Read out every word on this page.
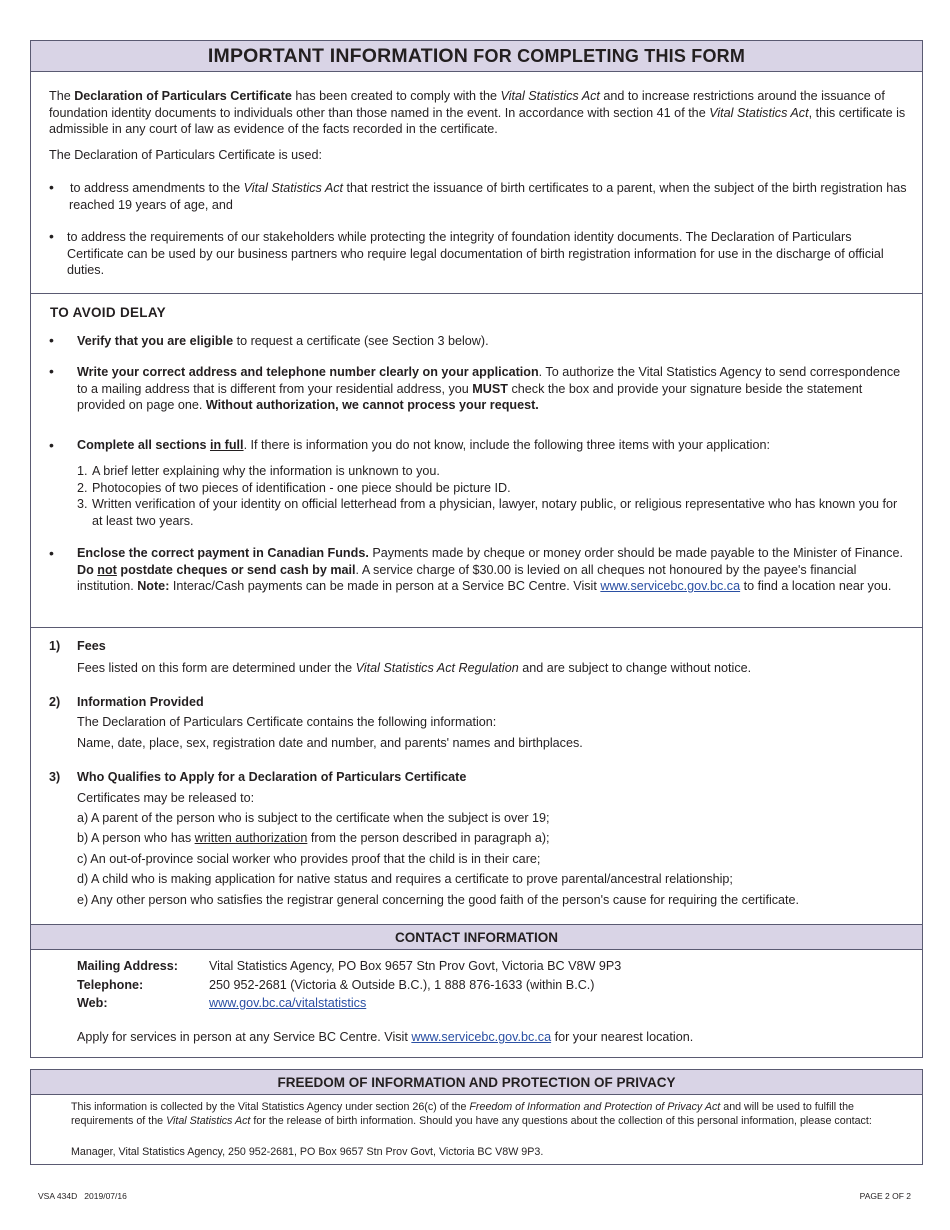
IMPORTANT INFORMATION FOR COMPLETING THIS FORM

The Declaration of Particulars Certificate has been created to comply with the Vital Statistics Act and to increase restrictions around the issuance of foundation identity documents to individuals other than those named in the event. In accordance with section 41 of the Vital Statistics Act, this certificate is admissible in any court of law as evidence of the facts recorded in the certificate.

The Declaration of Particulars Certificate is used:

• to address amendments to the Vital Statistics Act that restrict the issuance of birth certificates to a parent, when the subject of the birth registration has reached 19 years of age, and

• to address the requirements of our stakeholders while protecting the integrity of foundation identity documents. The Declaration of Particulars Certificate can be used by our business partners who require legal documentation of birth registration information for use in the discharge of official duties.

TO AVOID DELAY
• Verify that you are eligible to request a certificate (see Section 3 below).

• Write your correct address and telephone number clearly on your application. To authorize the Vital Statistics Agency to send correspondence to a mailing address that is different from your residential address, you MUST check the box and provide your signature beside the statement provided on page one. Without authorization, we cannot process your request.

• Complete all sections in full. If there is information you do not know, include the following three items with your application:

1. A brief letter explaining why the information is unknown to you.
2. Photocopies of two pieces of identification - one piece should be picture ID.
3. Written verification of your identity on official letterhead from a physician, lawyer, notary public, or religious representative who has known you for at least two years.
• Enclose the correct payment in Canadian Funds. Payments made by cheque or money order should be made payable to the Minister of Finance. Do not postdate cheques or send cash by mail. A service charge of $30.00 is levied on all cheques not honoured by the payee's financial institution. Note: Interac/Cash payments can be made in person at a Service BC Centre. Visit www.servicebc.gov.bc.ca to find a location near you.

1) Fees

Fees listed on this form are determined under the Vital Statistics Act Regulation and are subject to change without notice.

2) Information Provided

The Declaration of Particulars Certificate contains the following information:

Name, date, place, sex, registration date and number, and parents' names and birthplaces.

3) Who Qualifies to Apply for a Declaration of Particulars Certificate

Certificates may be released to:

a) A parent of the person who is subject to the certificate when the subject is over 19;

b) A person who has written authorization from the person described in paragraph a);

c) An out-of-province social worker who provides proof that the child is in their care;

d) A child who is making application for native status and requires a certificate to prove parental/ancestral relationship;

e) Any other person who satisfies the registrar general concerning the good faith of the person's cause for requiring the certificate.

CONTACT INFORMATION
Mailing Address: Vital Statistics Agency, PO Box 9657 Stn Prov Govt, Victoria BC V8W 9P3
Telephone:	250 952-2681 (Victoria & Outside B.C.), 1 888 876-1633 (within B.C.)
Web:	www.gov.bc.ca/vitalstatistics

Apply for services in person at any Service BC Centre. Visit www.servicebc.gov.bc.ca for your nearest location.

FREEDOM OF INFORMATION AND PROTECTION OF PRIVACY

This information is collected by the Vital Statistics Agency under section 26(c) of the Freedom of Information and Protection of Privacy Act and will be used to fulfill the requirements of the Vital Statistics Act for the release of birth information. Should you have any questions about the collection of this personal information, please contact:

Manager, Vital Statistics Agency, 250 952-2681, PO Box 9657 Stn Prov Govt, Victoria BC V8W 9P3.

VSA 434D   2019/07/16	PAGE 2 OF 2
